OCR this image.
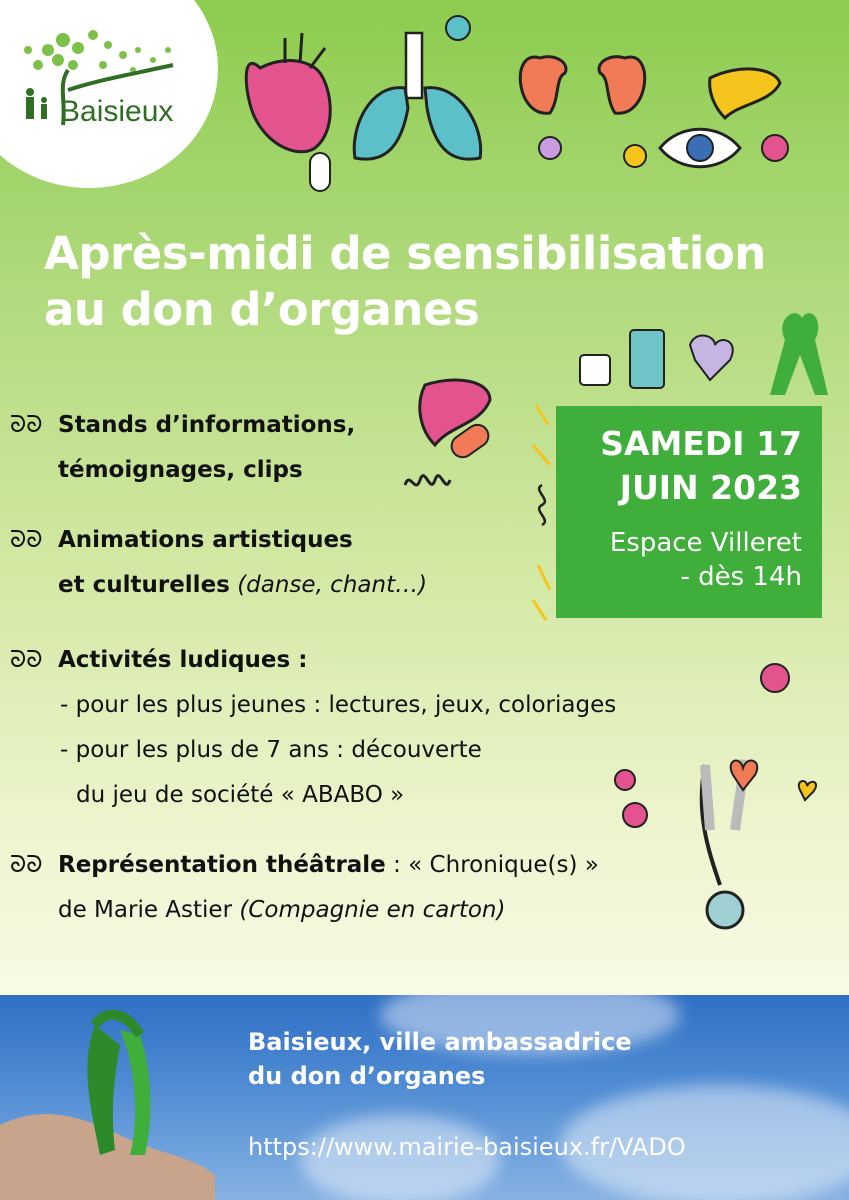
Baisieux
Après-midi de sensibilisation
au don d’organes
SAMEDI 17
JUIN 2023
Espace Villeret
- dès 14h
ᘐᘐ Stands d’informations,
témoignages, clips
ᘐᘐ Animations artistiques
et culturelles (danse, chant…)
ᘐᘐ Activités ludiques :
- pour les plus jeunes : lectures, jeux, coloriages
- pour les plus de 7 ans : découverte
du jeu de société « ABABO »
ᘐᘐ Représentation théâtrale : « Chronique(s) »
de Marie Astier (Compagnie en carton)
Baisieux, ville ambassadrice
du don d’organes
https://www.mairie-baisieux.fr/VADO
